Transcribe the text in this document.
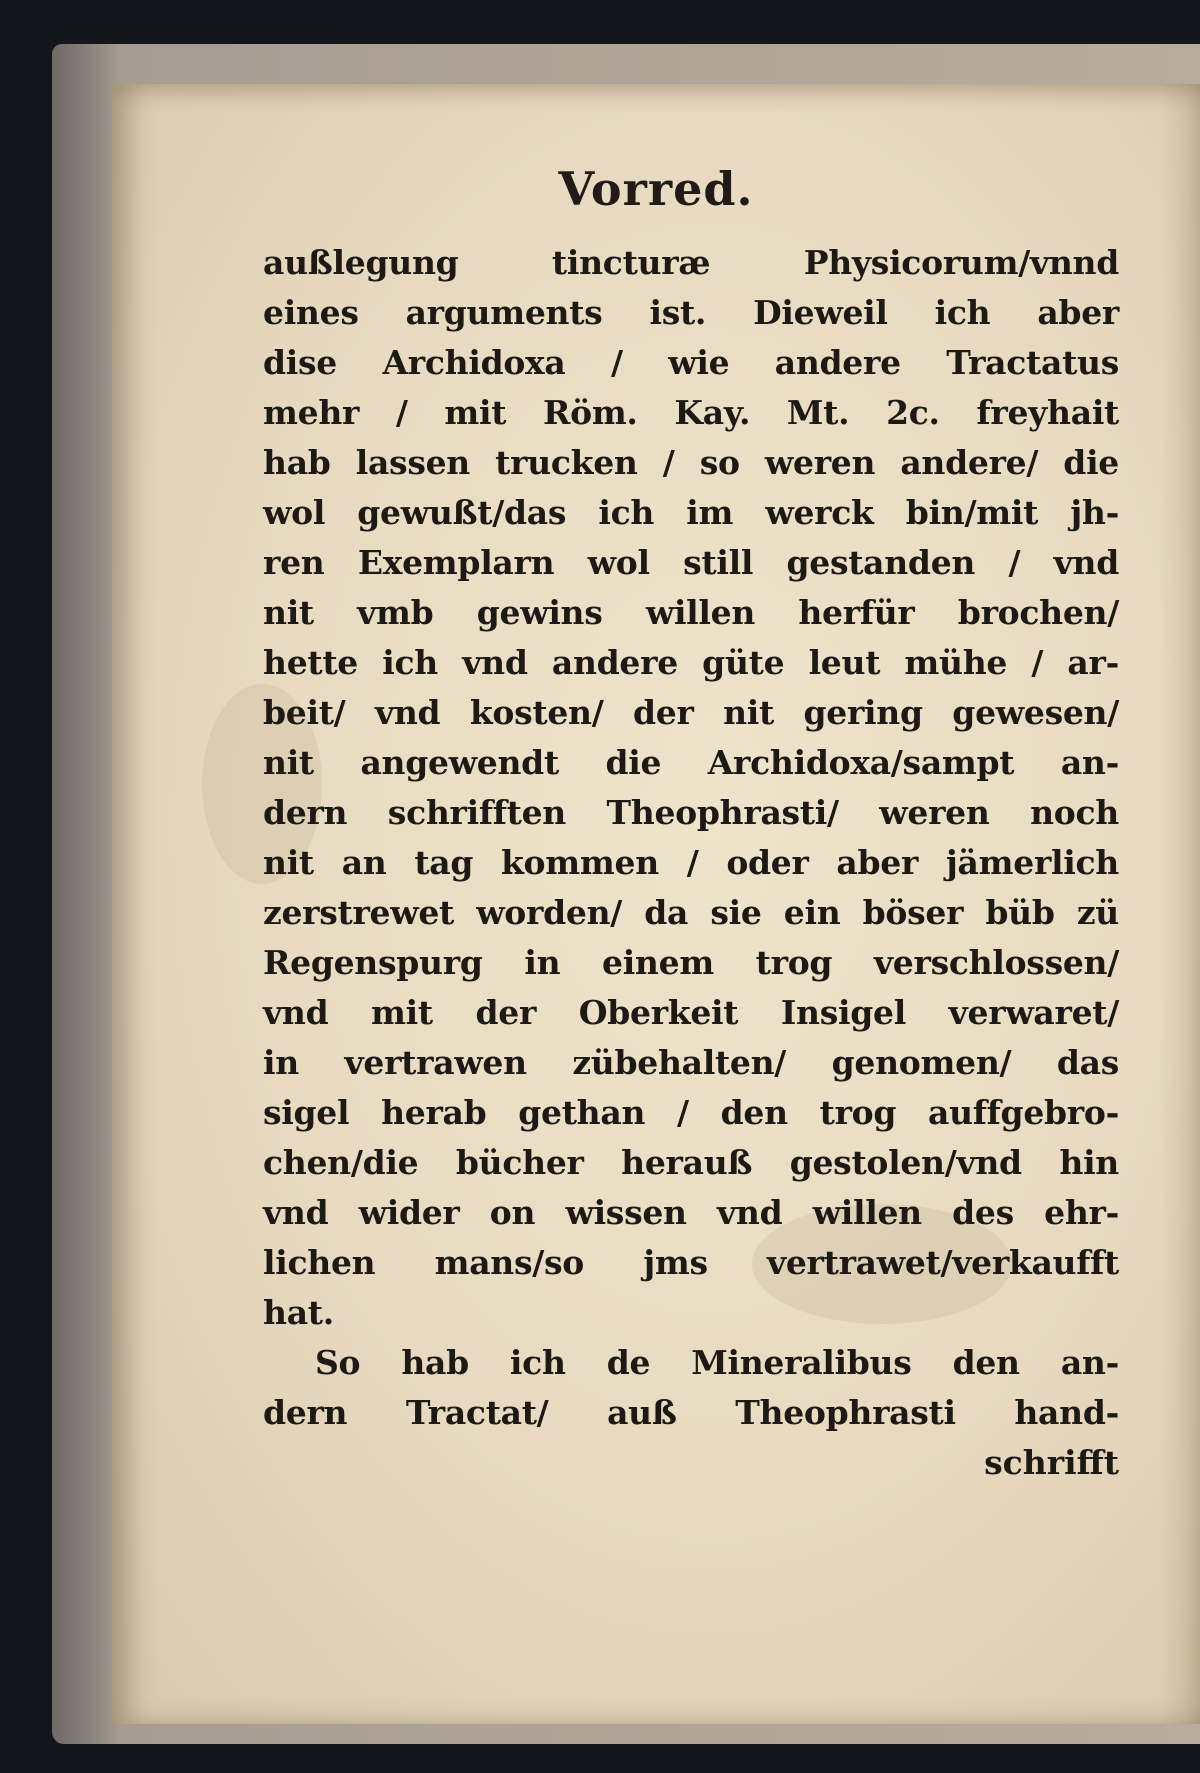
Vorred.
außlegung tincturæ Physicorum/vnnd
eines arguments ist. Dieweil ich aber
dise Archidoxa / wie andere Tractatus
mehr / mit Röm. Kay. Mt. 2c. freyhait
hab lassen trucken / so weren andere/ die
wol gewußt/das ich im werck bin/mit jh-
ren Exemplarn wol still gestanden / vnd
nit vmb gewins willen herfür brochen/
hette ich vnd andere güte leut mühe / ar-
beit/ vnd kosten/ der nit gering gewesen/
nit angewendt die Archidoxa/sampt an-
dern schrifften Theophrasti/ weren noch
nit an tag kommen / oder aber jämerlich
zerstrewet worden/ da sie ein böser büb zü
Regenspurg in einem trog verschlossen/
vnd mit der Oberkeit Insigel verwaret/
in vertrawen zübehalten/ genomen/ das
sigel herab gethan / den trog auffgebro-
chen/die bücher herauß gestolen/vnd hin
vnd wider on wissen vnd willen des ehr-
lichen mans/so jms vertrawet/verkaufft
hat.
So hab ich de Mineralibus den an-
dern Tractat/ auß Theophrasti hand-
schrifft
